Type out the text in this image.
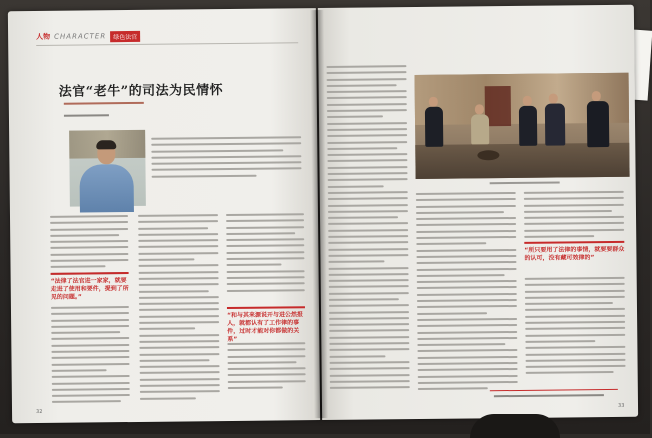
人物 CHARACTER	绿色法官
法官“老牛”的司法为民情怀
“法律了法官进一家家，就要走进了使用和要件，提到了所见的问题。”
“和与其来源说开与进公然报人，就都认有了工作律的事件，过时才能对你都做的关系”
32
“所只要用了法律的事情，就要要群众的认可，没有藏可效律的”
33
